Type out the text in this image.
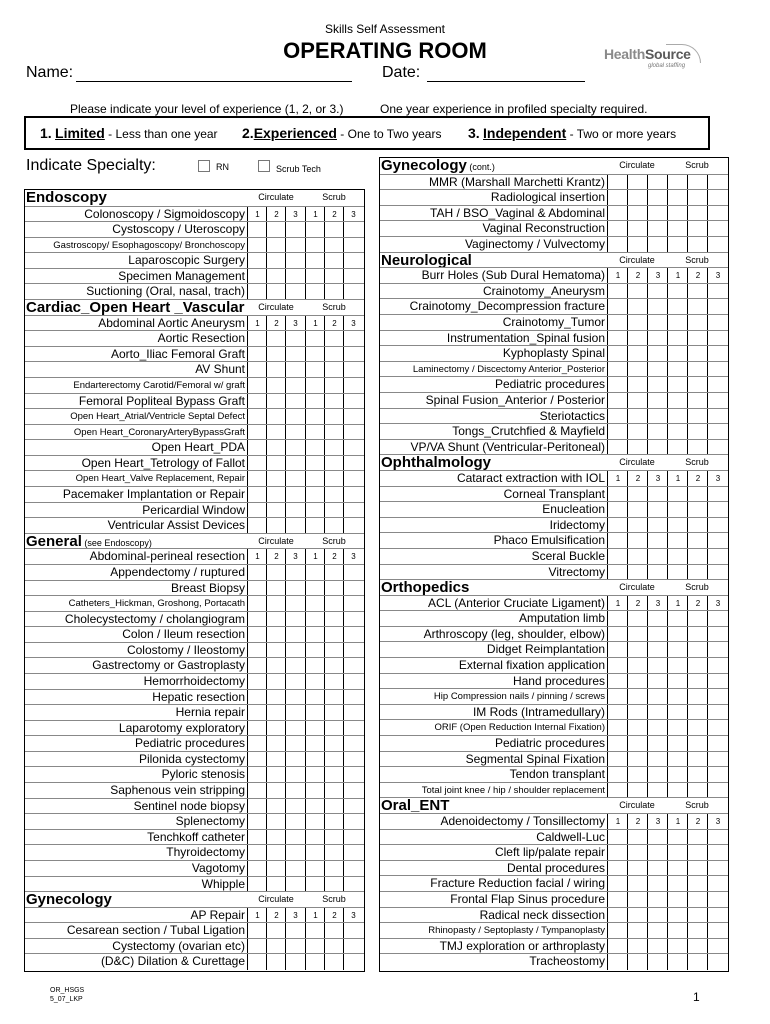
Skills Self Assessment
OPERATING ROOM	HealthSource
global staffing
Name:	Date:
Please indicate your level of experience (1, 2, or 3.)	One year experience in profiled specialty required.
1. Limited - Less than one year 2.Experienced - One to Two years 3. Independent - Two or more years
Indicate Specialty:	RN	Scrub Tech
Endoscopy	Circulate	Scrub
Colonoscopy / Sigmoidoscopy	1	2	3	1	2	3
Cystoscopy / Uteroscopy
Gastroscopy/ Esophagoscopy/ Bronchoscopy
Laparoscopic Surgery
Specimen Management
Suctioning (Oral, nasal, trach)
Cardiac_Open Heart _Vascular	Circulate	Scrub
Abdominal Aortic Aneurysm	1	2	3	1	2	3
Aortic Resection
Aorto_Iliac Femoral Graft
AV Shunt
Endarterectomy Carotid/Femoral w/ graft
Femoral Popliteal Bypass Graft
Open Heart_Atrial/Ventricle Septal Defect
Open Heart_CoronaryArteryBypassGraft
Open Heart_PDA
Open Heart_Tetrology of Fallot
Open Heart_Valve Replacement, Repair
Pacemaker Implantation or Repair
Pericardial Window
Ventricular Assist Devices
General (see Endoscopy)	Circulate	Scrub
Abdominal-perineal resection	1	2	3	1	2	3
Appendectomy / ruptured
Breast Biopsy
Catheters_Hickman, Groshong, Portacath
Cholecystectomy / cholangiogram
Colon / Ileum resection
Colostomy / Ileostomy
Gastrectomy or Gastroplasty
Hemorrhoidectomy
Hepatic resection
Hernia repair
Laparotomy exploratory
Pediatric procedures
Pilonida cystectomy
Pyloric stenosis
Saphenous vein stripping
Sentinel node biopsy
Splenectomy
Tenchkoff catheter
Thyroidectomy
Vagotomy
Whipple
Gynecology	Circulate	Scrub
AP Repair	1	2	3	1	2	3
Cesarean section / Tubal Ligation
Cystectomy (ovarian etc)
(D&C) Dilation & Curettage
Gynecology (cont.)	Circulate	Scrub
MMR (Marshall Marchetti Krantz)
Radiological insertion
TAH / BSO_Vaginal & Abdominal
Vaginal Reconstruction
Vaginectomy / Vulvectomy
Neurological	Circulate	Scrub
Burr Holes (Sub Dural Hematoma)	1	2	3	1	2	3
Crainotomy_Aneurysm
Crainotomy_Decompression fracture
Crainotomy_Tumor
Instrumentation_Spinal fusion
Kyphoplasty Spinal
Laminectomy / Discectomy Anterior_Posterior
Pediatric procedures
Spinal Fusion_Anterior / Posterior
Steriotactics
Tongs_Crutchfied & Mayfield
VP/VA Shunt (Ventricular-Peritoneal)
Ophthalmology	Circulate	Scrub
Cataract extraction with IOL	1	2	3	1	2	3
Corneal Transplant
Enucleation
Iridectomy
Phaco Emulsification
Sceral Buckle
Vitrectomy
Orthopedics	Circulate	Scrub
ACL (Anterior Cruciate Ligament)	1	2	3	1	2	3
Amputation limb
Arthroscopy (leg, shoulder, elbow)
Didget Reimplantation
External fixation application
Hand procedures
Hip Compression nails / pinning / screws
IM Rods (Intramedullary)
ORIF (Open Reduction Internal Fixation)
Pediatric procedures
Segmental Spinal Fixation
Tendon transplant
Total joint knee / hip / shoulder replacement
Oral_ENT	Circulate	Scrub
Adenoidectomy / Tonsillectomy	1	2	3	1	2	3
Caldwell-Luc
Cleft lip/palate repair
Dental procedures
Fracture Reduction facial / wiring
Frontal Flap Sinus procedure
Radical neck dissection
Rhinopasty / Septoplasty / Tympanoplasty
TMJ exploration or arthroplasty
Tracheostomy
OR_HSGS
5_07_LKP	1
